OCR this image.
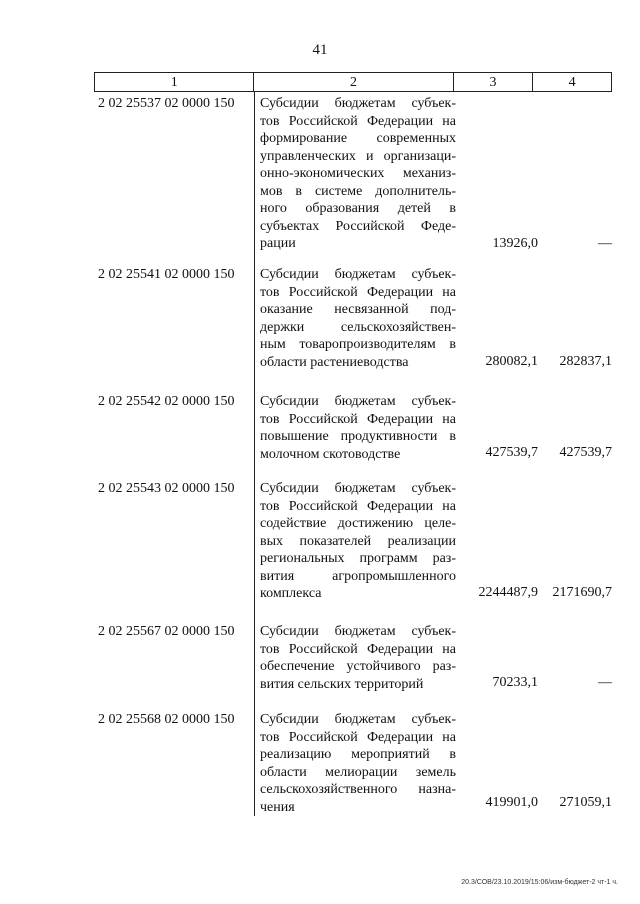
41
1	2	3	4
2 02 25537 02 0000 150	Субсидии бюджетам субъек-
тов Российской Федерации на
формирование современных
управленческих и организаци-
онно-экономических механиз-
мов в системе дополнитель-
ного образования детей в
субъектах Российской Феде-
рации	13926,0	—
2 02 25541 02 0000 150	Субсидии бюджетам субъек-
тов Российской Федерации на
оказание несвязанной под-
держки сельскохозяйствен-
ным товаропроизводителям в
области растениеводства	280082,1	282837,1
2 02 25542 02 0000 150	Субсидии бюджетам субъек-
тов Российской Федерации на
повышение продуктивности в
молочном скотоводстве	427539,7	427539,7
2 02 25543 02 0000 150	Субсидии бюджетам субъек-
тов Российской Федерации на
содействие достижению целе-
вых показателей реализации
региональных программ раз-
вития агропромышленного
комплекса	2244487,9	2171690,7
2 02 25567 02 0000 150	Субсидии бюджетам субъек-
тов Российской Федерации на
обеспечение устойчивого раз-
вития сельских территорий	70233,1	—
2 02 25568 02 0000 150	Субсидии бюджетам субъек-
тов Российской Федерации на
реализацию мероприятий в
области мелиорации земель
сельскохозяйственного назна-
чения	419901,0	271059,1
20.3/СОВ/23.10.2019/15:06/изм-бюджет-2 чт-1 ч.
